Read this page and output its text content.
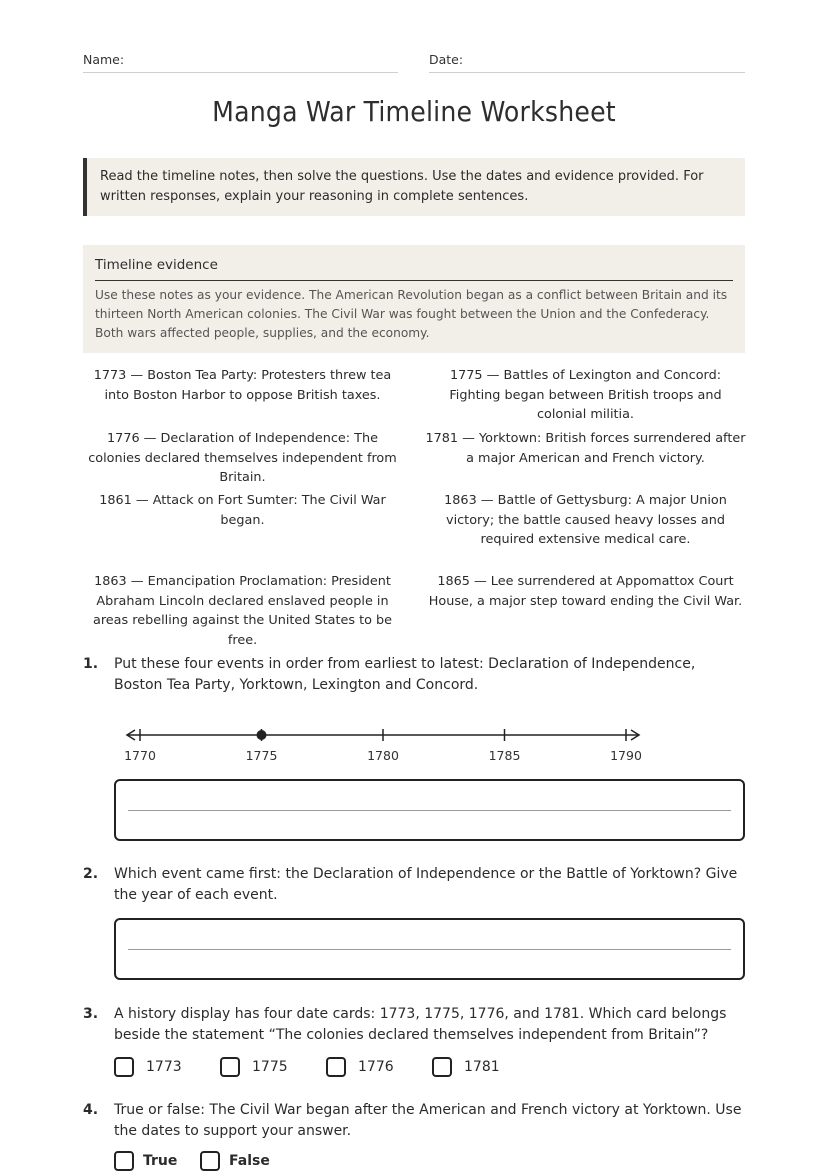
Name:	Date:
Manga War Timeline Worksheet
Read the timeline notes, then solve the questions. Use the dates and evidence provided. For written responses, explain your reasoning in complete sentences.
Timeline evidence
Use these notes as your evidence. The American Revolution began as a conflict between Britain and its thirteen North American colonies. The Civil War was fought between the Union and the Confederacy. Both wars affected people, supplies, and the economy.
1773 — Boston Tea Party: Protesters threw tea into Boston Harbor to oppose British taxes.
1775 — Battles of Lexington and Concord: Fighting began between British troops and colonial militia.
1776 — Declaration of Independence: The colonies declared themselves independent from Britain.
1781 — Yorktown: British forces surrendered after a major American and French victory.
1861 — Attack on Fort Sumter: The Civil War began.
1863 — Battle of Gettysburg: A major Union victory; the battle caused heavy losses and required extensive medical care.
1863 — Emancipation Proclamation: President Abraham Lincoln declared enslaved people in areas rebelling against the United States to be free.
1865 — Lee surrendered at Appomattox Court House, a major step toward ending the Civil War.
1. Put these four events in order from earliest to latest: Declaration of Independence, Boston Tea Party, Yorktown, Lexington and Concord.
1770	1775	1780	1785	1790
2. Which event came first: the Declaration of Independence or the Battle of Yorktown? Give the year of each event.
3. A history display has four date cards: 1773, 1775, 1776, and 1781. Which card belongs beside the statement “The colonies declared themselves independent from Britain”?
1773	1775	1776	1781
4. True or false: The Civil War began after the American and French victory at Yorktown. Use the dates to support your answer.
True	False
